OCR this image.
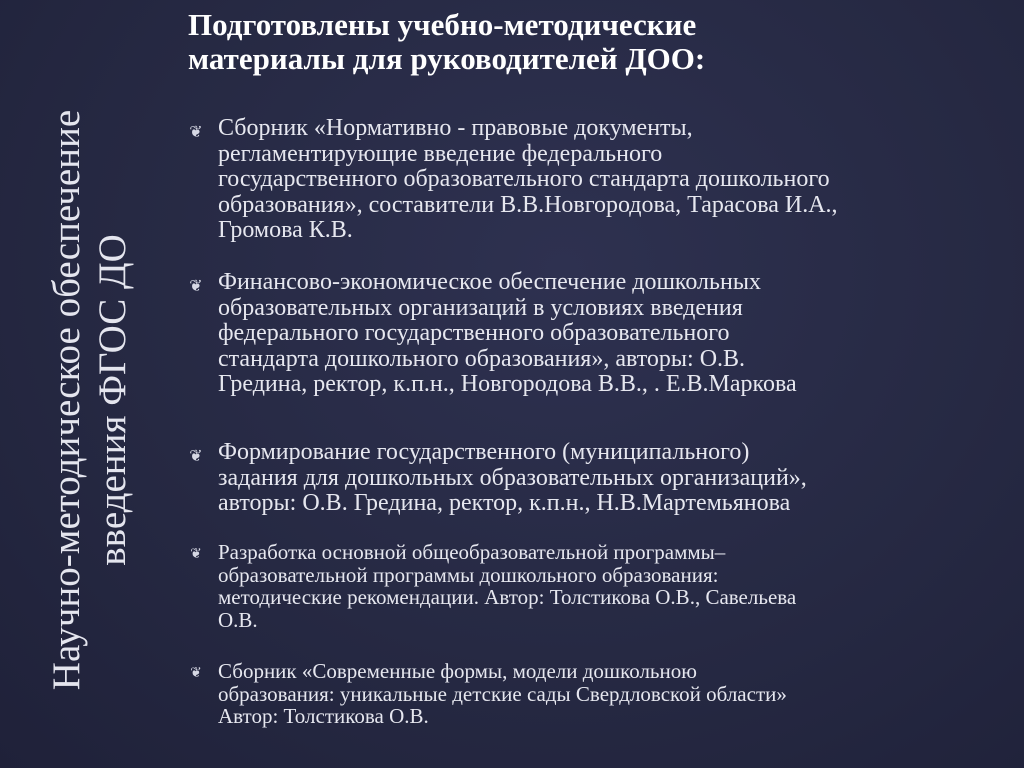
Научно-методическое обеспечение введения ФГОС ДО
Подготовлены учебно-методические
материалы для руководителей ДОО:
❦ Сборник «Нормативно - правовые документы,
регламентирующие введение федерального
государственного образовательного стандарта дошкольного
образования», составители В.В.Новгородова, Тарасова И.А.,
Громова К.В.
❦ Финансово-экономическое обеспечение дошкольных
образовательных организаций в условиях введения
федерального государственного образовательного
стандарта дошкольного образования», авторы: О.В.
Гредина, ректор, к.п.н., Новгородова В.В., . Е.В.Маркова
❦ Формирование государственного (муниципального)
задания для дошкольных образовательных организаций»,
авторы: О.В. Гредина, ректор, к.п.н., Н.В.Мартемьянова
❦ Разработка основной общеобразовательной программы–
образовательной программы дошкольного образования:
методические рекомендации. Автор: Толстикова О.В., Савельева
О.В.
❦ Сборник «Современные формы, модели дошкольною
образования: уникальные детские сады Свердловской области»
Автор: Толстикова О.В.
